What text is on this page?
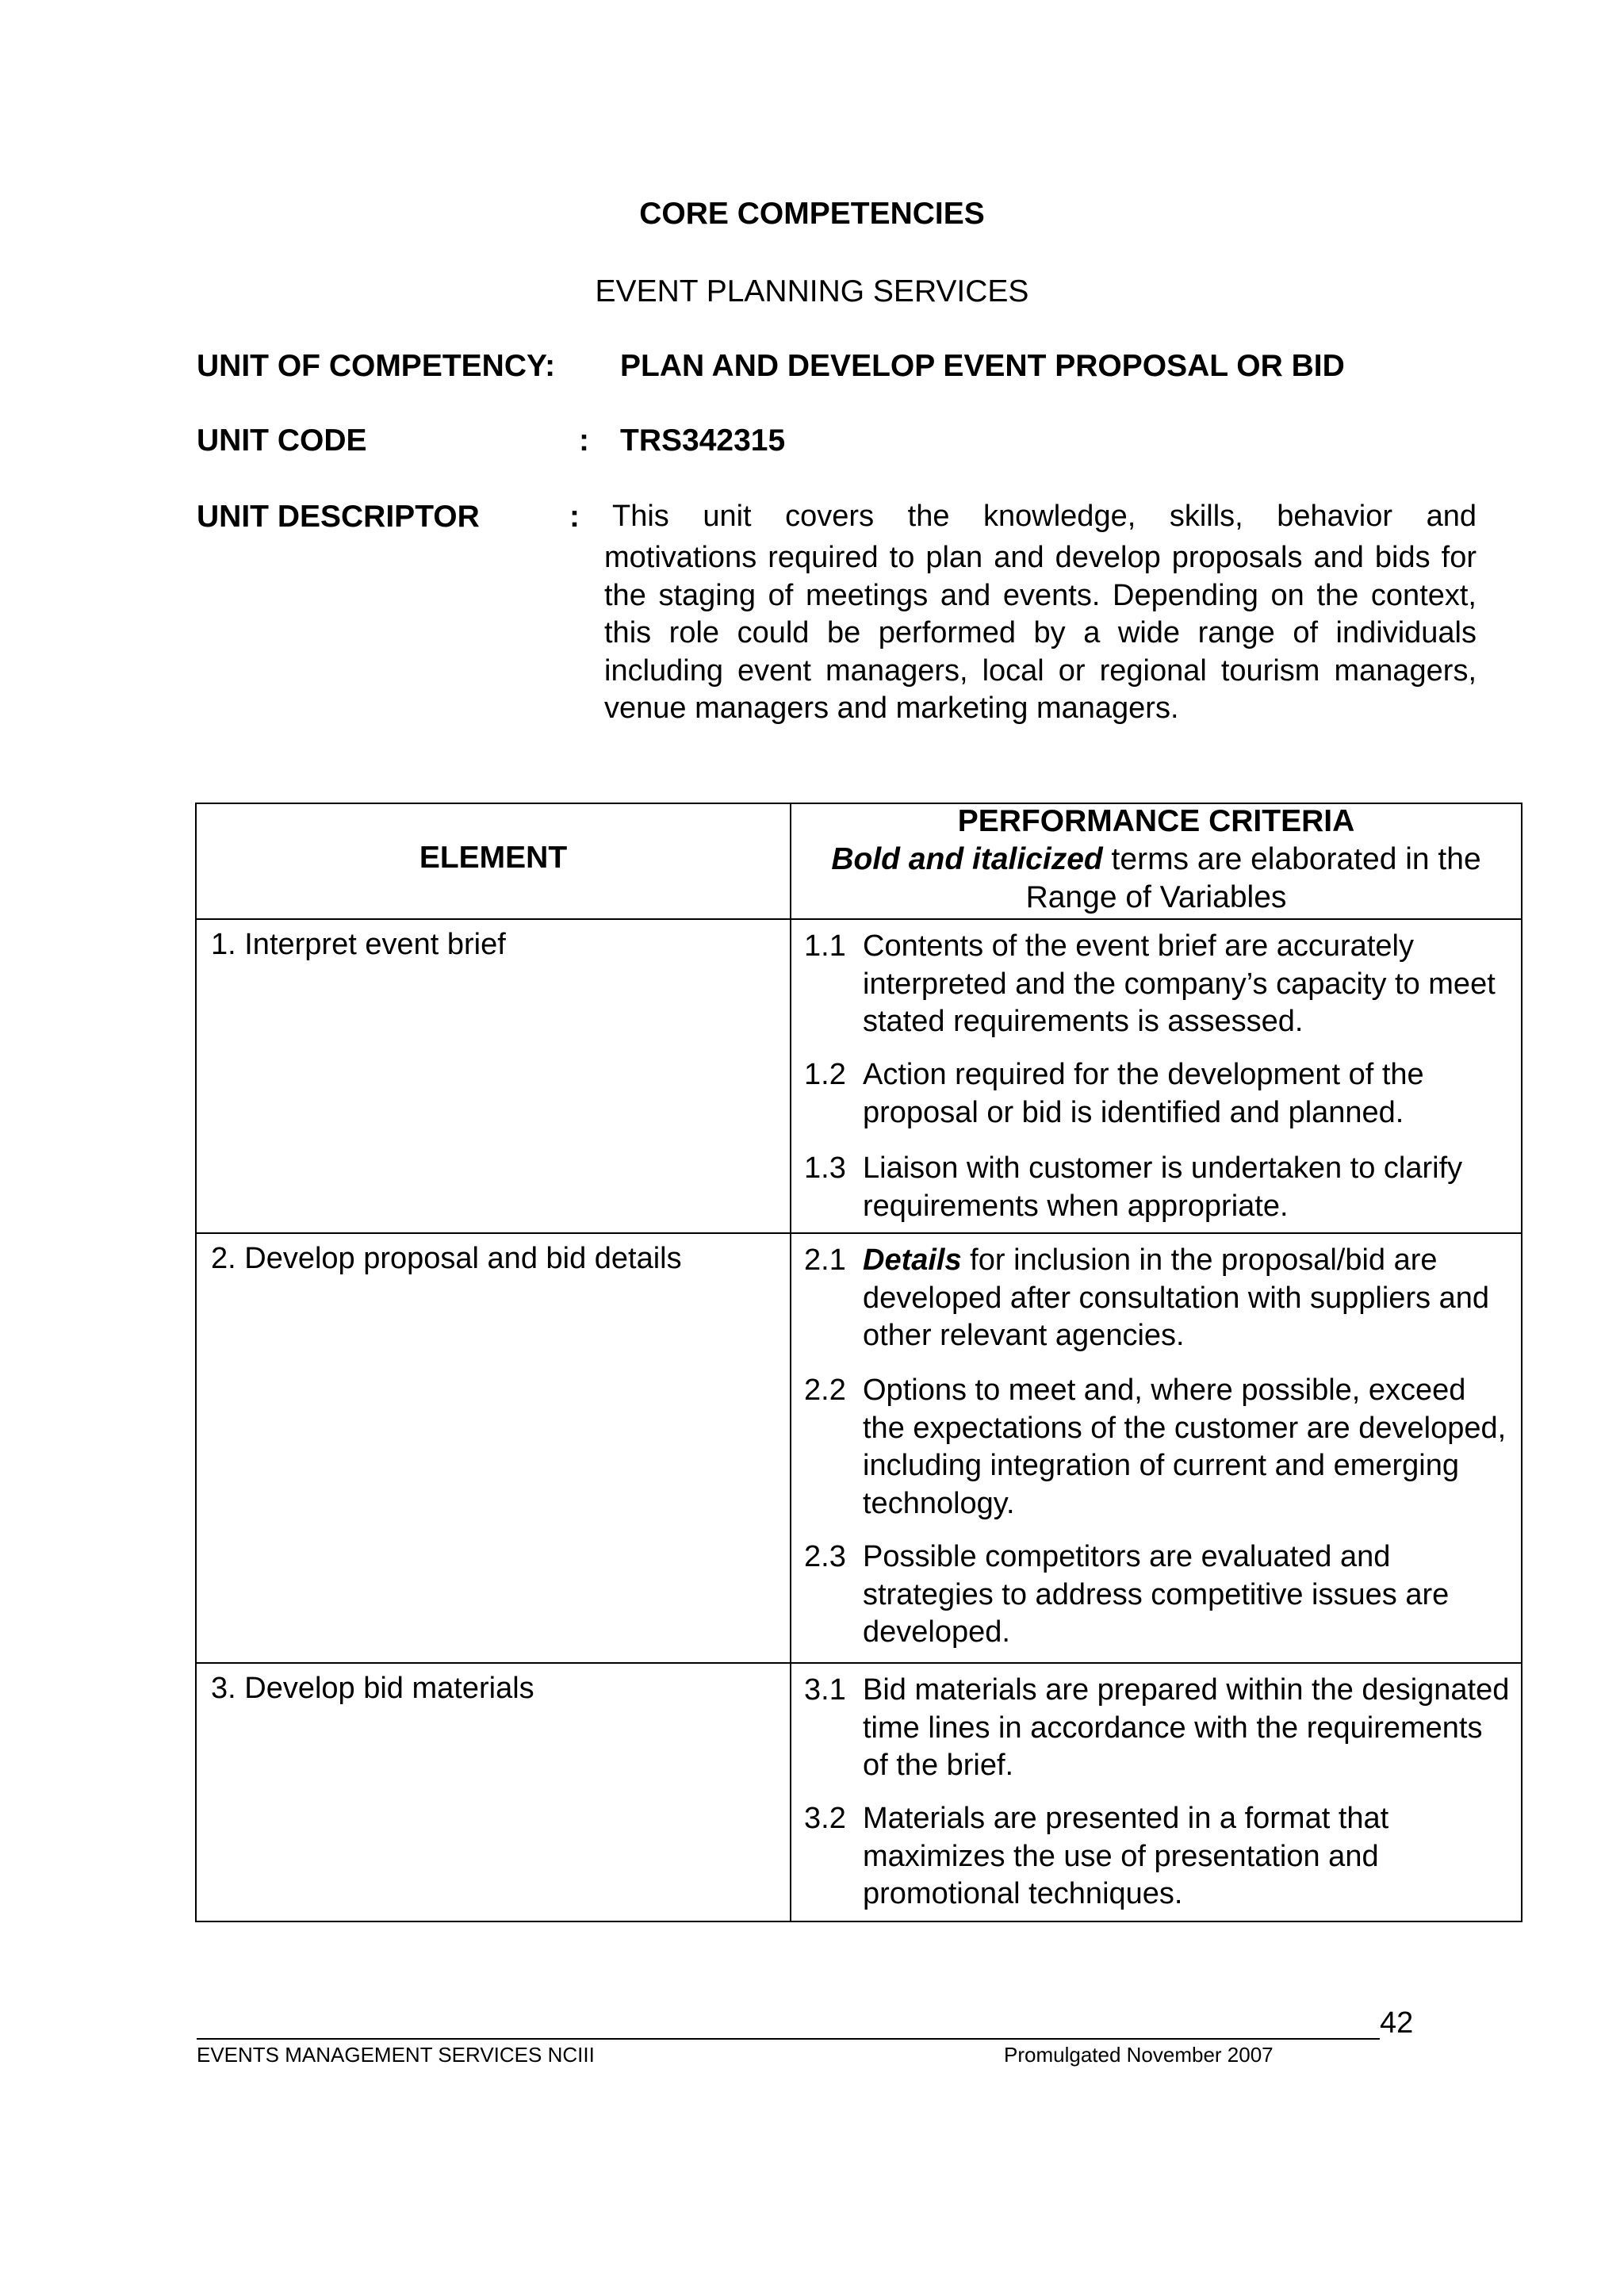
CORE COMPETENCIES
EVENT PLANNING SERVICES
UNIT OF COMPETENCY: PLAN AND DEVELOP EVENT PROPOSAL OR BID
UNIT CODE	: TRS342315
UNIT DESCRIPTOR	: This unit covers the knowledge, skills, behavior and
motivations required to plan and develop proposals and bids for the staging of meetings and events. Depending on the context, this role could be performed by a wide range of individuals including event managers, local or regional tourism managers, venue managers and marketing managers.
ELEMENT
PERFORMANCE CRITERIA
Bold and italicized terms are elaborated in the
Range of Variables
1. Interpret event brief	1.1 Contents of the event brief are accurately interpreted and the company’s capacity to meet stated requirements is assessed.
1.2 Action required for the development of the proposal or bid is identified and planned.
1.3 Liaison with customer is undertaken to clarify requirements when appropriate.
2. Develop proposal and bid details	2.1 Details for inclusion in the proposal/bid are developed after consultation with suppliers and other relevant agencies.
2.2 Options to meet and, where possible, exceed the expectations of the customer are developed, including integration of current and emerging technology.
2.3 Possible competitors are evaluated and strategies to address competitive issues are developed.
3. Develop bid materials	3.1 Bid materials are prepared within the designated time lines in accordance with the requirements of the brief.
3.2 Materials are presented in a format that maximizes the use of presentation and promotional techniques.
42
EVENTS MANAGEMENT SERVICES NCIII	Promulgated November 2007
